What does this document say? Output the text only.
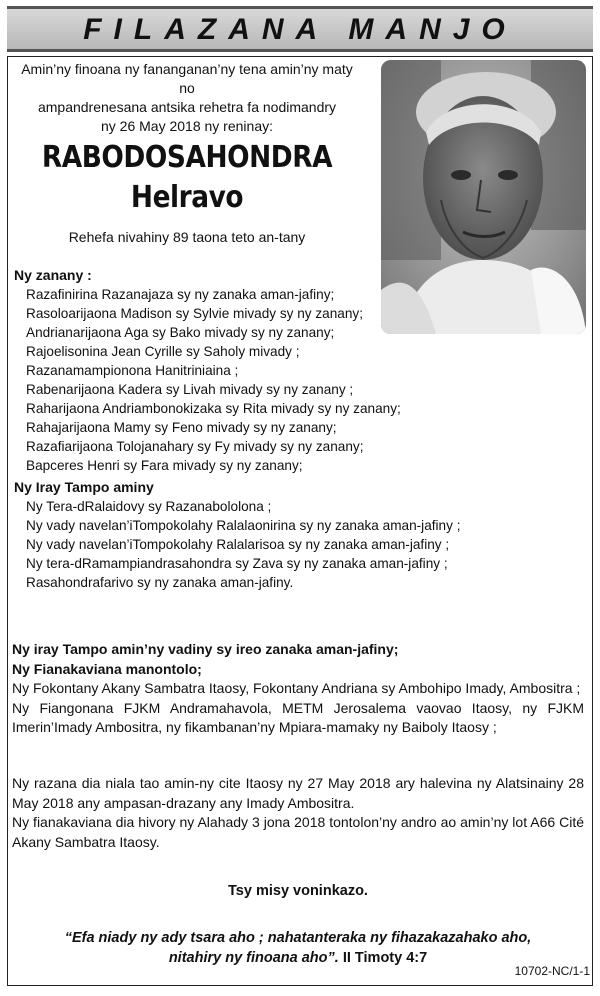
FILAZANA MANJO
Amin’ny finoana ny fananganan’ny tena amin’ny maty no
ampandrenesana antsika rehetra fa nodimandry
ny 26 May 2018 ny reninay:
RABODOSAHONDRA
Helravo
Rehefa nivahiny 89 taona teto an-tany
Ny zanany :
Razafinirina Razanajaza sy ny zanaka aman-jafiny;
Rasoloarijaona Madison sy Sylvie mivady sy ny zanany;
Andrianarijaona Aga sy Bako mivady sy ny zanany;
Rajoelisonina Jean Cyrille sy Saholy mivady ;
Razanamampionona Hanitriniaina ;
Rabenarijaona Kadera sy Livah mivady sy ny zanany ;
Raharijaona Andriambonokizaka sy Rita mivady sy ny zanany;
Rahajarijaona Mamy sy Feno mivady sy ny zanany;
Razafiarijaona Tolojanahary sy Fy mivady sy ny zanany;
Bapceres Henri sy Fara mivady sy ny zanany;
Ny Iray Tampo aminy
Ny Tera-dRalaidovy sy Razanabololona ;
Ny vady navelan’iTompokolahy Ralalaonirina sy ny zanaka aman-jafiny ;
Ny vady navelan’iTompokolahy Ralalarisoa sy ny zanaka aman-jafiny ;
Ny tera-dRamampiandrasahondra sy Zava sy ny zanaka aman-jafiny ;
Rasahondrafarivo sy ny zanaka aman-jafiny.
Ny iray Tampo amin’ny vadiny sy ireo zanaka aman-jafiny;
Ny Fianakaviana manontolo;
Ny Fokontany Akany Sambatra Itaosy, Fokontany Andriana sy Ambohipo Imady, Ambositra ;
Ny Fiangonana FJKM Andramahavola, METM Jerosalema vaovao Itaosy, ny FJKM Imerin’Imady Ambositra, ny fikambanan’ny Mpiara-mamaky ny Baiboly Itaosy ;
Ny razana dia niala tao amin-ny cite Itaosy ny 27 May 2018 ary halevina ny Alatsinainy 28 May 2018 any ampasan-drazany any Imady Ambositra.
Ny fianakaviana dia hivory ny Alahady 3 jona 2018 tontolon’ny andro ao amin’ny lot A66 Cité Akany Sambatra Itaosy.
Tsy misy voninkazo.
“Efa niady ny ady tsara aho ; nahatanteraka ny fihazakazahako aho,
nitahiry ny finoana aho”. II Timoty 4:7
10702-NC/1-1
